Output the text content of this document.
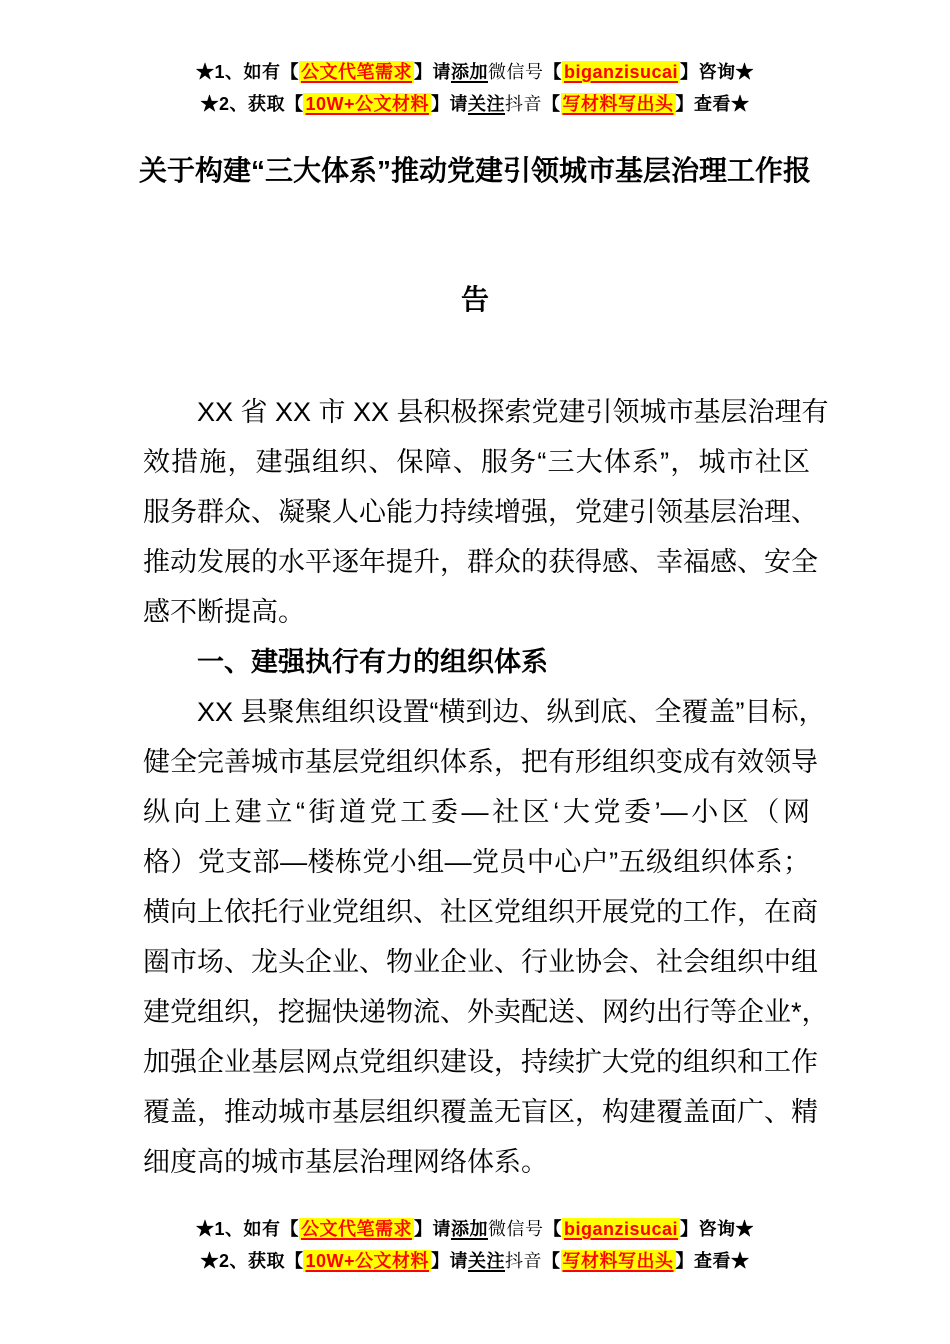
★1、如有【 公文代笔需求 】请添加微信号【 biganzisucai 】咨询★
★2、获取【 10W+公文材料 】请关注抖音【 写材料写出头 】查看★
关于构建“三大体系”推动党建引领城市基层治理工作报
告
XX 省 XX 市 XX 县积极探索党建引领城市基层治理有
效措施，建强组织、保障、服务“三大体系”，城市社区
服务群众、凝聚人心能力持续增强，党建引领基层治理、
推动发展的水平逐年提升，群众的获得感、幸福感、安全
感不断提高。
一、建强执行有力的组织体系
XX 县聚焦组织设置“横到边、纵到底、全覆盖”目标，
健全完善城市基层党组织体系，把有形组织变成有效领导
纵向上建立“街道党工委—社区‘大党委’—小区（网
格）党支部—楼栋党小组—党员中心户”五级组织体系；
横向上依托行业党组织、社区党组织开展党的工作，在商
圈市场、龙头企业、物业企业、行业协会、社会组织中组
建党组织，挖掘快递物流、外卖配送、网约出行等企业*，
加强企业基层网点党组织建设，持续扩大党的组织和工作
覆盖，推动城市基层组织覆盖无盲区，构建覆盖面广、精
细度高的城市基层治理网络体系。
★1、如有【 公文代笔需求 】请添加微信号【 biganzisucai 】咨询★
★2、获取【 10W+公文材料 】请关注抖音【 写材料写出头 】查看★
